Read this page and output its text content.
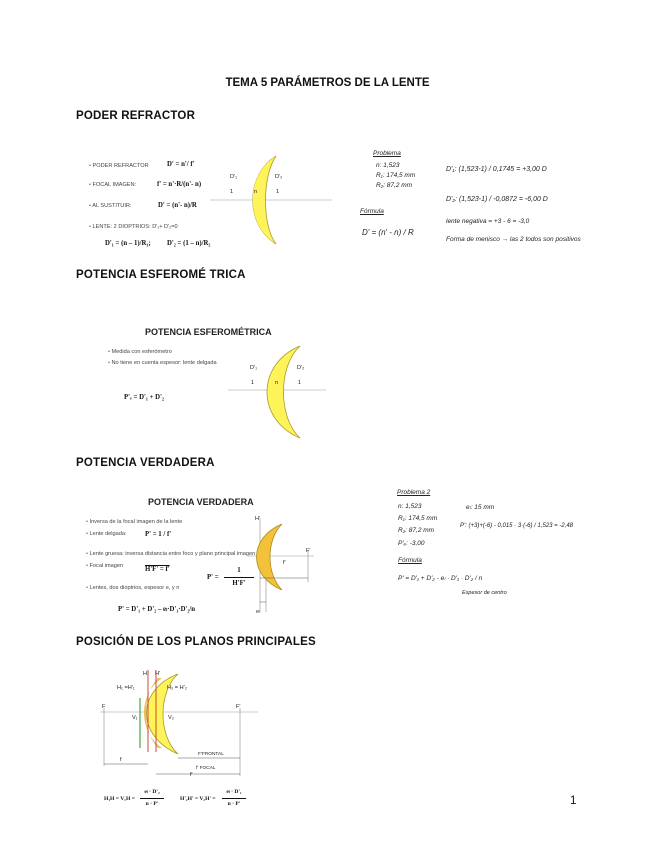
TEMA 5 PARÁMETROS DE LA LENTE
PODER REFRACTOR
POTENCIA ESFEROMÉ TRICA
POTENCIA VERDADERA
POSICIÓN DE LOS PLANOS PRINCIPALES
• PODER REFRACTOR
• FOCAL IMAGEN:
• AL SUSTITUIR:
• LENTE: 2 DIOPTRIOS: D'₁+ D'₂=0
D' = n'/ f'
f' = n'·R/(n'- n)
D' = (n'- n)/R
D'₁ = (n – 1)/R₁; D'₂ = (1 – n)/R₂
D'₁	D'₂
1	n	1
Problema
n: 1,523
R₁: 174,5 mm
R₂: 87,2 mm
Fórmula
D' = (n' - n) / R
D'₁: (1,523-1) / 0,1745 = +3,00 D
D'₂: (1,523-1) / -0,0872 = -6,00 D
lente negativa = +3 - 6 = -3,0
Forma de menisco → las 2 todos son positivos
POTENCIA ESFEROMÉTRICA
• Medida con esferómetro
• No tiene en cuenta espesor: lente delgada
P'ₑ = D'₁ + D'₂
D'₁	D'₂
1	n	1
POTENCIA VERDADERA
• Inversa de la focal imagen de la lente
• Lente delgada:
• Lente gruesa: inversa distancia entre foco y plano principal imagen
• Focal imagen
• Lentes, dos dioptrios, espesor e, y n
P' = 1 / f'
H'F' = f'
P' =
1
H'F'
P' = D'₁ + D'₂ – eₗ·D'₁·D'₂/n
H'
F'
f'
eₗ
Problema 2
n: 1,523
R₁: 174,5 mm
R₂: 87,2 mm
P'ₑ: -3,00
eₗ: 15 mm
P': (+3)+(-6) - 0,015 · 3·(-6) / 1,523 = -2,48
Fórmula
P' = D'₁ + D'₂ - eₗ · D'₁ · D'₂ / n
Espesor de centro
H₁ =H'₁	H₂ = H'₂
H H'
F	F'
V₁	V₂
f
f'
F'FRONTAL
f' FOCAL
H₁H = V₁H =
eₗ · D'₂
n · P'
H'₂H' = V₂H' =
eₗ · D'₁
n · P'	1
